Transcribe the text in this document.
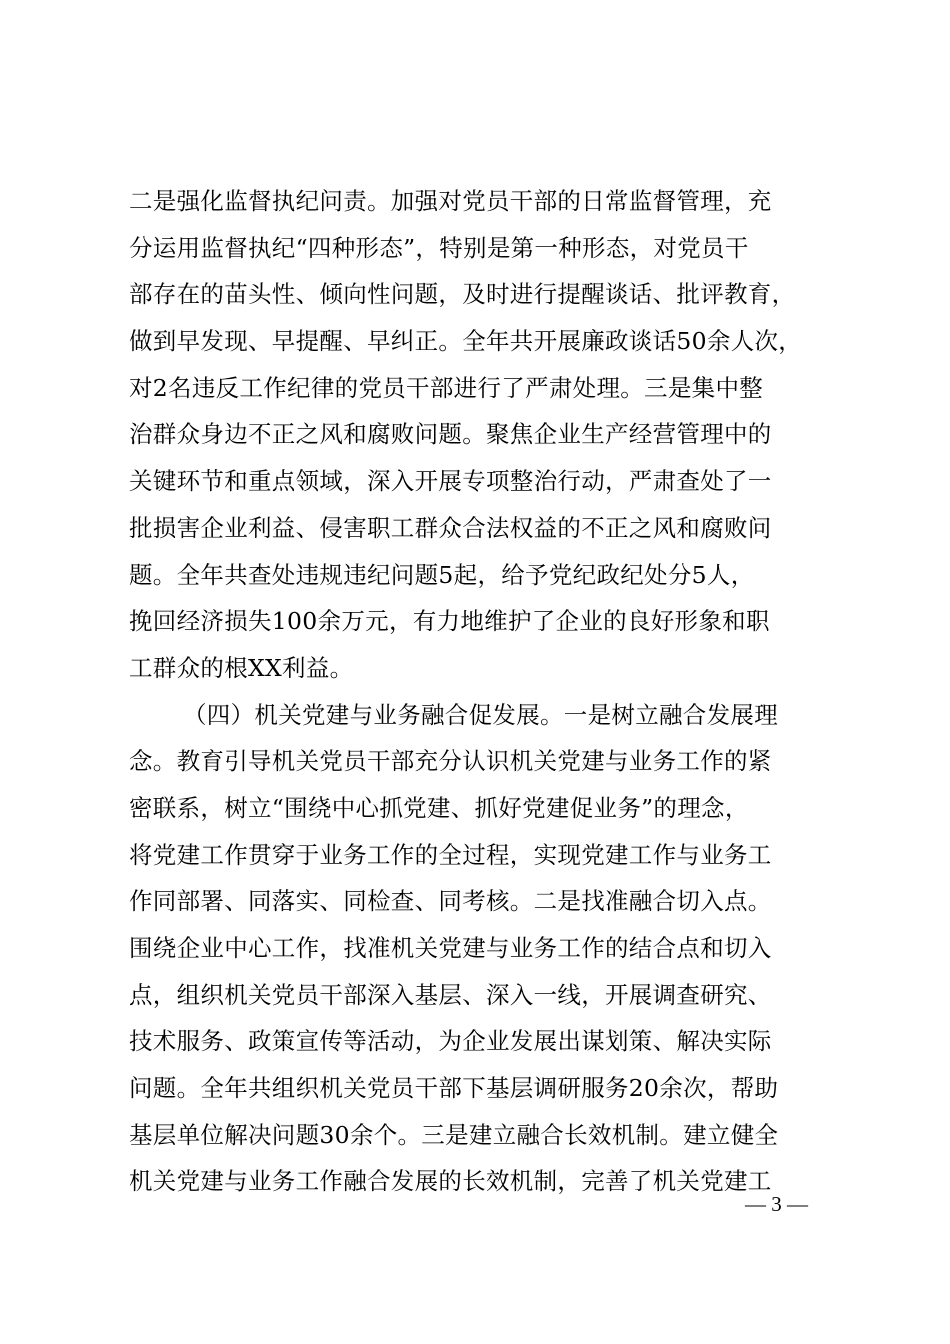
二是强化监督执纪问责。加强对党员干部的日常监督管理，充
分运用监督执纪“四种形态”，特别是第一种形态，对党员干
部存在的苗头性、倾向性问题，及时进行提醒谈话、批评教育，
做到早发现、早提醒、早纠正。全年共开展廉政谈话50余人次，
对2名违反工作纪律的党员干部进行了严肃处理。三是集中整
治群众身边不正之风和腐败问题。聚焦企业生产经营管理中的
关键环节和重点领域，深入开展专项整治行动，严肃查处了一
批损害企业利益、侵害职工群众合法权益的不正之风和腐败问
题。全年共查处违规违纪问题5起，给予党纪政纪处分5人，
挽回经济损失100余万元，有力地维护了企业的良好形象和职
工群众的根XX利益。
（四）机关党建与业务融合促发展。一是树立融合发展理
念。教育引导机关党员干部充分认识机关党建与业务工作的紧
密联系，树立“围绕中心抓党建、抓好党建促业务”的理念，
将党建工作贯穿于业务工作的全过程，实现党建工作与业务工
作同部署、同落实、同检查、同考核。二是找准融合切入点。
围绕企业中心工作，找准机关党建与业务工作的结合点和切入
点，组织机关党员干部深入基层、深入一线，开展调查研究、
技术服务、政策宣传等活动，为企业发展出谋划策、解决实际
问题。全年共组织机关党员干部下基层调研服务20余次，帮助
基层单位解决问题30余个。三是建立融合长效机制。建立健全
机关党建与业务工作融合发展的长效机制，完善了机关党建工
— 3 —
